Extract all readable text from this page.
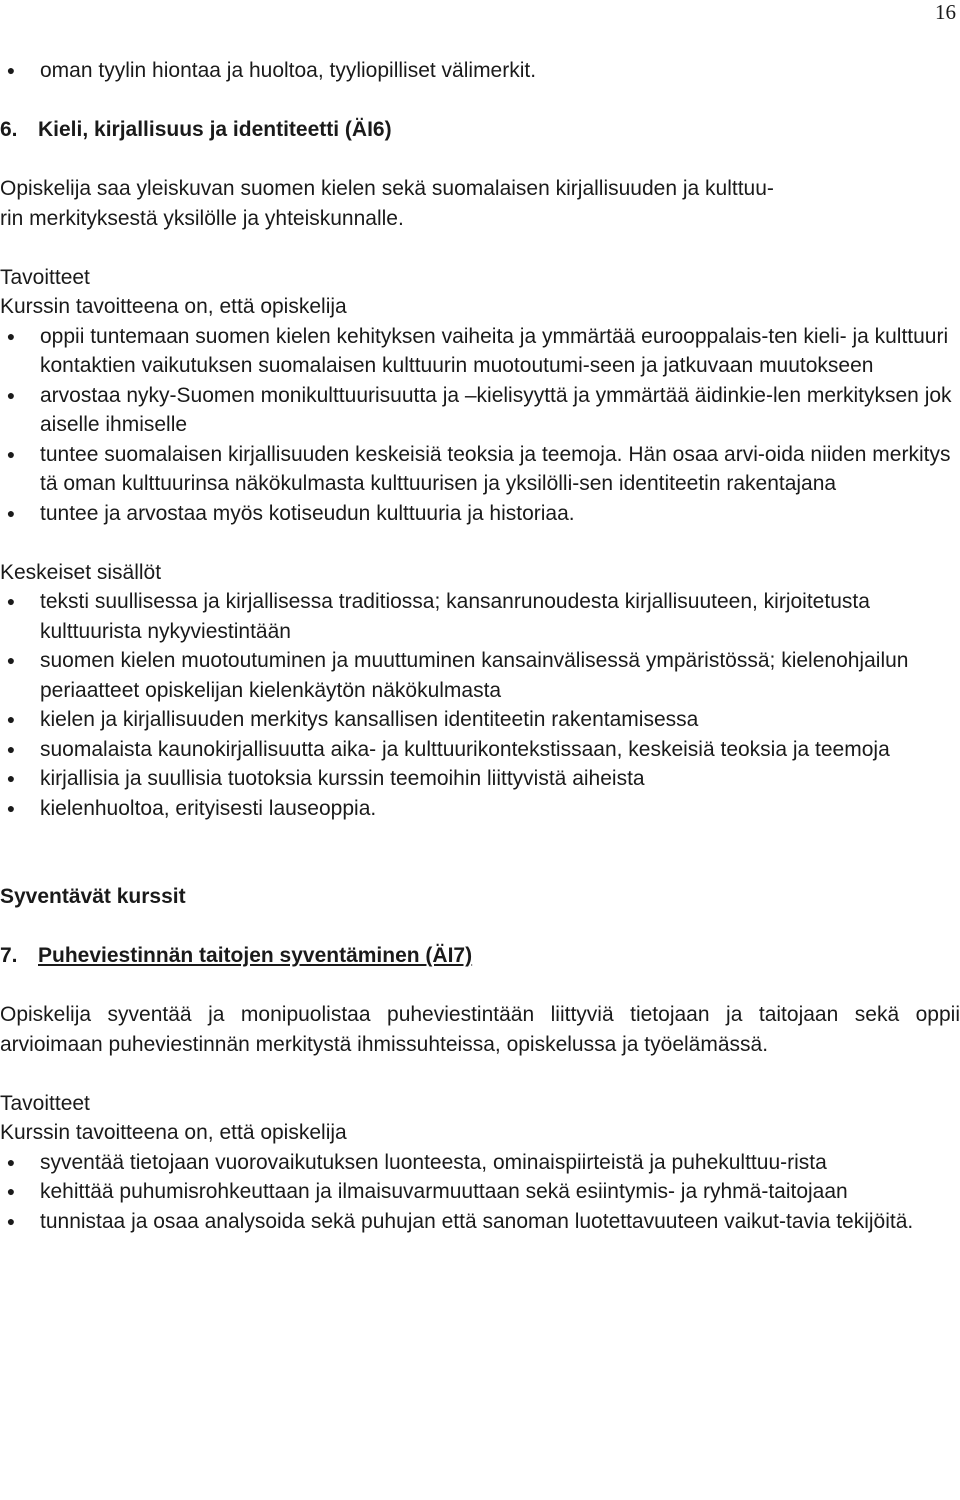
16
● oman tyylin hiontaa ja huoltoa, tyyliopilliset välimerkit.

6. Kieli, kirjallisuus ja identiteetti (ÄI6)

Opiskelija saa yleiskuvan suomen kielen sekä suomalaisen kirjallisuuden ja kulttuu-
rin merkityksestä yksilölle ja yhteiskunnalle.

Tavoitteet

Kurssin tavoitteena on, että opiskelija

● oppii tuntemaan suomen kielen kehityksen vaiheita ja ymmärtää eurooppalais-ten kieli- ja kulttuurikontaktien vaikutuksen suomalaisen kulttuurin muotoutumi-seen ja jatkuvaan muutokseen
● arvostaa nyky-Suomen monikulttuurisuutta ja –kielisyyttä ja ymmärtää äidinkie-len merkityksen jokaiselle ihmiselle
● tuntee suomalaisen kirjallisuuden keskeisiä teoksia ja teemoja. Hän osaa arvi-oida niiden merkitystä oman kulttuurinsa näkökulmasta kulttuurisen ja yksilölli-sen identiteetin rakentajana
● tuntee ja arvostaa myös kotiseudun kulttuuria ja historiaa.

Keskeiset sisällöt

● teksti suullisessa ja kirjallisessa traditiossa; kansanrunoudesta kirjallisuuteen, kirjoitetusta kulttuurista nykyviestintään
● suomen kielen muotoutuminen ja muuttuminen kansainvälisessä ympäristössä; kielenohjailun periaatteet opiskelijan kielenkäytön näkökulmasta
● kielen ja kirjallisuuden merkitys kansallisen identiteetin rakentamisessa
● suomalaista kaunokirjallisuutta aika- ja kulttuurikontekstissaan, keskeisiä teoksia ja teemoja
● kirjallisia ja suullisia tuotoksia kurssin teemoihin liittyvistä aiheista
● kielenhuoltoa, erityisesti lauseoppia.

Syventävät kurssit

7. Puheviestinnän taitojen syventäminen (ÄI7)

Opiskelija syventää ja monipuolistaa puheviestintään liittyviä tietojaan ja taitojaan sekä oppii arvioimaan puheviestinnän merkitystä ihmissuhteissa, opiskelussa ja työelämässä.

Tavoitteet

Kurssin tavoitteena on, että opiskelija

● syventää tietojaan vuorovaikutuksen luonteesta, ominaispiirteistä ja puhekulttuu-rista
● kehittää puhumisrohkeuttaan ja ilmaisuvarmuuttaan sekä esiintymis- ja ryhmä-taitojaan
● tunnistaa ja osaa analysoida sekä puhujan että sanoman luotettavuuteen vaikut-tavia tekijöitä.
